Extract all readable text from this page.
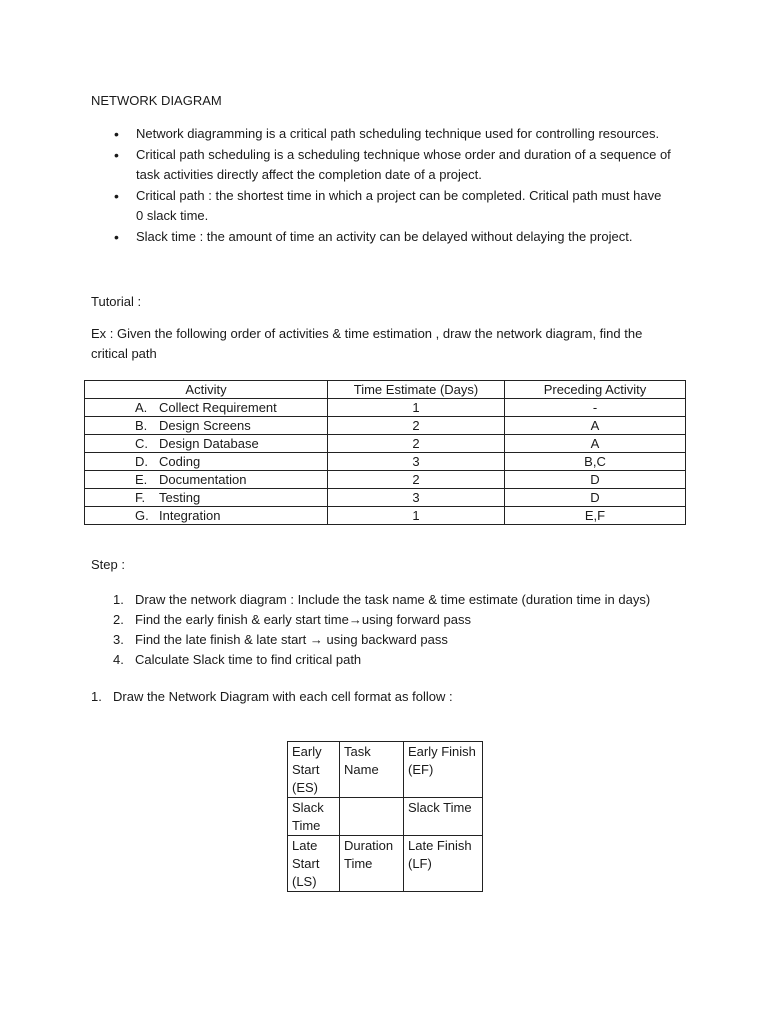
NETWORK DIAGRAM
• Network diagramming is a critical path scheduling technique used for controlling resources.
• Critical path scheduling is a scheduling technique whose order and duration of a sequence of task activities directly affect the completion date of a project.
• Critical path : the shortest time in which a project can be completed. Critical path must have 0 slack time.
• Slack time : the amount of time an activity can be delayed without delaying the project.
Tutorial :
Ex : Given the following order of activities & time estimation , draw the network diagram, find the
critical path
Activity	Time Estimate (Days)	Preceding Activity
A. Collect Requirement	1	-
B. Design Screens	2	A
C. Design Database	2	A
D. Coding	3	B,C
E. Documentation	2	D
F. Testing	3	D
G. Integration	1	E,F
Step :
1. Draw the network diagram : Include the task name & time estimate (duration time in days)
2. Find the early finish & early start time→using forward pass
3. Find the late finish & late start → using backward pass
4. Calculate Slack time to find critical path
1. Draw the Network Diagram with each cell format as follow :
Early Start (ES)	Task Name	Early Finish (EF)
Slack Time		Slack Time
Late Start (LS)	Duration Time	Late Finish (LF)
